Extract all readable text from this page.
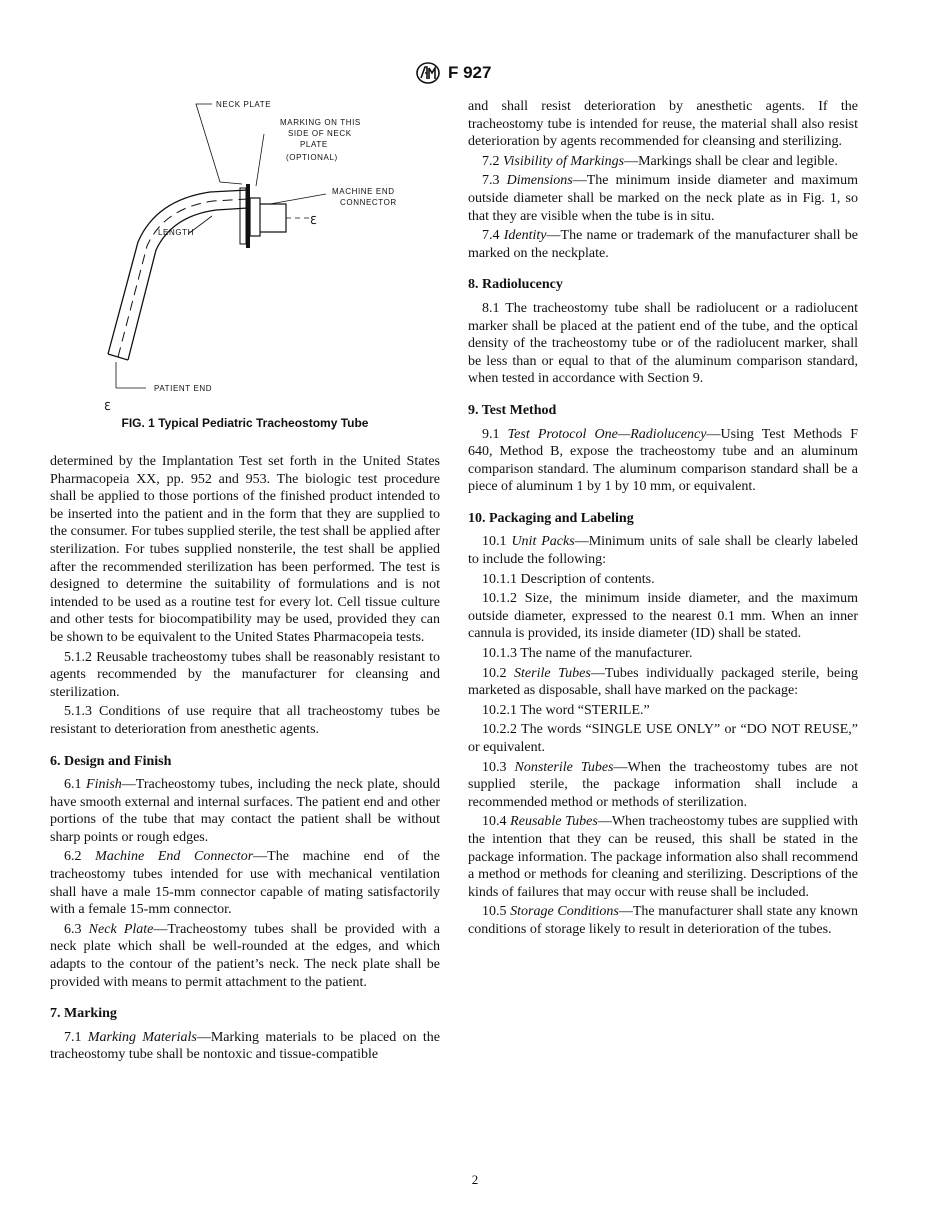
F 927
ℇ
ℇ
NECK PLATE
MARKING ON THIS
SIDE OF NECK
PLATE
(OPTIONAL)
MACHINE END
CONNECTOR
LENGTH
PATIENT END
FIG. 1 Typical Pediatric Tracheostomy Tube

determined by the Implantation Test set forth in the United States Pharmacopeia XX, pp. 952 and 953. The biologic test procedure shall be applied to those portions of the finished product intended to be inserted into the patient and in the form that they are supplied to the consumer. For tubes supplied sterile, the test shall be applied after sterilization. For tubes supplied nonsterile, the test shall be applied after the recommended sterilization has been performed. The test is designed to determine the suitability of formulations and is not intended to be used as a routine test for every lot. Cell tissue culture and other tests for biocompatibility may be used, provided they can be shown to be equivalent to the United States Pharmacopeia tests.

5.1.2 Reusable tracheostomy tubes shall be reasonably resistant to agents recommended by the manufacturer for cleansing and sterilization.

5.1.3 Conditions of use require that all tracheostomy tubes be resistant to deterioration from anesthetic agents.

6. Design and Finish

6.1 Finish—Tracheostomy tubes, including the neck plate, should have smooth external and internal surfaces. The patient end and other portions of the tube that may contact the patient shall be without sharp points or rough edges.

6.2 Machine End Connector—The machine end of the tracheostomy tubes intended for use with mechanical ventilation shall have a male 15-mm connector capable of mating satisfactorily with a female 15-mm connector.

6.3 Neck Plate—Tracheostomy tubes shall be provided with a neck plate which shall be well-rounded at the edges, and which adapts to the contour of the patient’s neck. The neck plate shall be provided with means to permit attachment to the patient.

7. Marking

7.1 Marking Materials—Marking materials to be placed on the tracheostomy tube shall be nontoxic and tissue-compatible

and shall resist deterioration by anesthetic agents. If the tracheostomy tube is intended for reuse, the material shall also resist deterioration by agents recommended for cleansing and sterilizing.

7.2 Visibility of Markings—Markings shall be clear and legible.

7.3 Dimensions—The minimum inside diameter and maximum outside diameter shall be marked on the neck plate as in Fig. 1, so that they are visible when the tube is in situ.

7.4 Identity—The name or trademark of the manufacturer shall be marked on the neckplate.

8. Radiolucency

8.1 The tracheostomy tube shall be radiolucent or a radiolucent marker shall be placed at the patient end of the tube, and the optical density of the tracheostomy tube or of the radiolucent marker, shall be less than or equal to that of the aluminum comparison standard, when tested in accordance with Section 9.

9. Test Method

9.1 Test Protocol One—Radiolucency—Using Test Methods F 640, Method B, expose the tracheostomy tube and an aluminum comparison standard. The aluminum comparison standard shall be a piece of aluminum 1 by 1 by 10 mm, or equivalent.

10. Packaging and Labeling

10.1 Unit Packs—Minimum units of sale shall be clearly labeled to include the following:

10.1.1 Description of contents.

10.1.2 Size, the minimum inside diameter, and the maximum outside diameter, expressed to the nearest 0.1 mm. When an inner cannula is provided, its inside diameter (ID) shall be stated.

10.1.3 The name of the manufacturer.

10.2 Sterile Tubes—Tubes individually packaged sterile, being marketed as disposable, shall have marked on the package:

10.2.1 The word “STERILE.”

10.2.2 The words “SINGLE USE ONLY” or “DO NOT REUSE,” or equivalent.

10.3 Nonsterile Tubes—When the tracheostomy tubes are not supplied sterile, the package information shall include a recommended method or methods of sterilization.

10.4 Reusable Tubes—When tracheostomy tubes are supplied with the intention that they can be reused, this shall be stated in the package information. The package information also shall recommend a method or methods for cleaning and sterilizing. Descriptions of the kinds of failures that may occur with reuse shall be included.

10.5 Storage Conditions—The manufacturer shall state any known conditions of storage likely to result in deterioration of the tubes.

2
